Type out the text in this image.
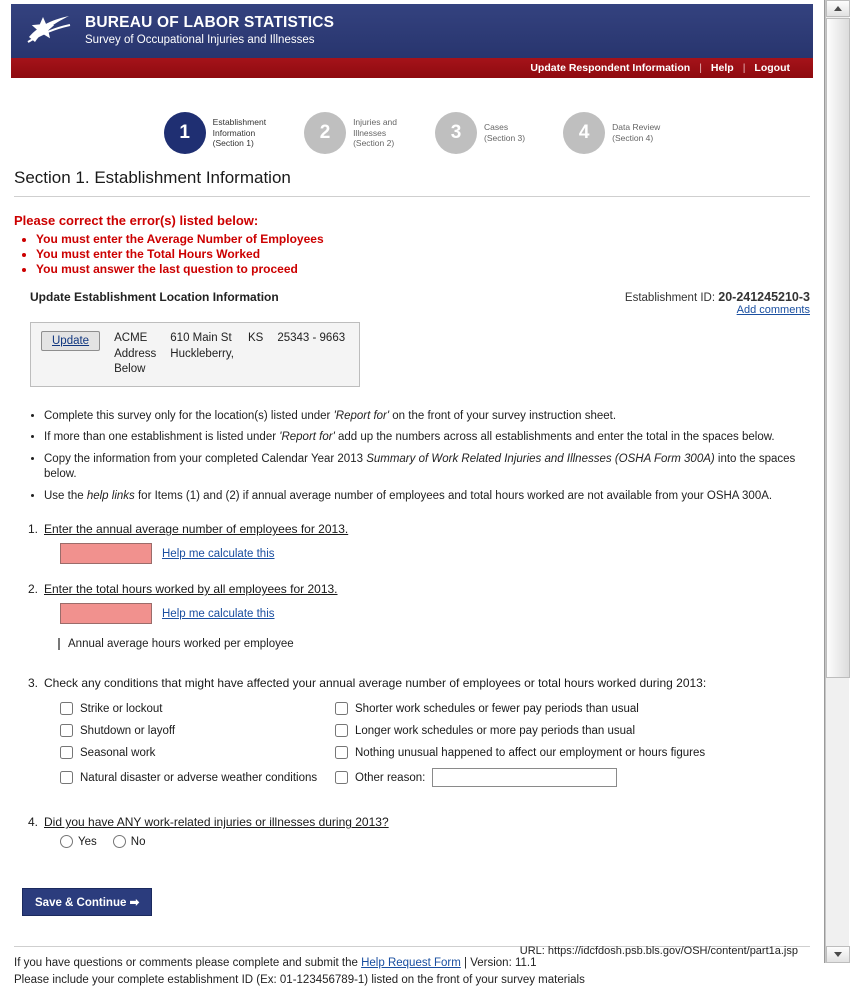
BUREAU OF LABOR STATISTICS
Survey of Occupational Injuries and Illnesses
Update Respondent Information | Help | Logout
1	Establishment
Information
(Section 1)
2	Injuries and
Illnesses
(Section 2)
3	Cases
(Section 3)	4	Data Review
(Section 4)
Section 1. Establishment Information
Please correct the error(s) listed below:
• You must enter the Average Number of Employees
• You must enter the Total Hours Worked
• You must answer the last question to proceed
Update Establishment Location Information	Establishment ID: 20-241245210-3
Add comments
Update	ACME
Address
Below
610 Main St
Huckleberry,
KS 25343 - 9663
• Complete this survey only for the location(s) listed under 'Report for' on the front of your survey instruction sheet.
• If more than one establishment is listed under 'Report for' add up the numbers across all establishments and enter the total in the spaces below.
• Copy the information from your completed Calendar Year 2013 Summary of Work Related Injuries and Illnesses (OSHA Form 300A) into the spaces below.
• Use the help links for Items (1) and (2) if annual average number of employees and total hours worked are not available from your OSHA 300A.
1. Enter the annual average number of employees for 2013.
Help me calculate this
2. Enter the total hours worked by all employees for 2013.
Help me calculate this
Annual average hours worked per employee
3. Check any conditions that might have affected your annual average number of employees or total hours worked during 2013:
Strike or lockout	Shorter work schedules or fewer pay periods than usual
Shutdown or layoff	Longer work schedules or more pay periods than usual
Seasonal work	Nothing unusual happened to affect our employment or hours figures
Natural disaster or adverse weather conditions	Other reason:
4. Did you have ANY work-related injuries or illnesses during 2013?
Yes	No
Save & Continue ➡
If you have questions or comments please complete and submit the Help Request Form | Version: 11.1
Please include your complete establishment ID (Ex: 01-123456789-1) listed on the front of your survey materials
URL: https://idcfdosh.psb.bls.gov/OSH/content/part1a.jsp
